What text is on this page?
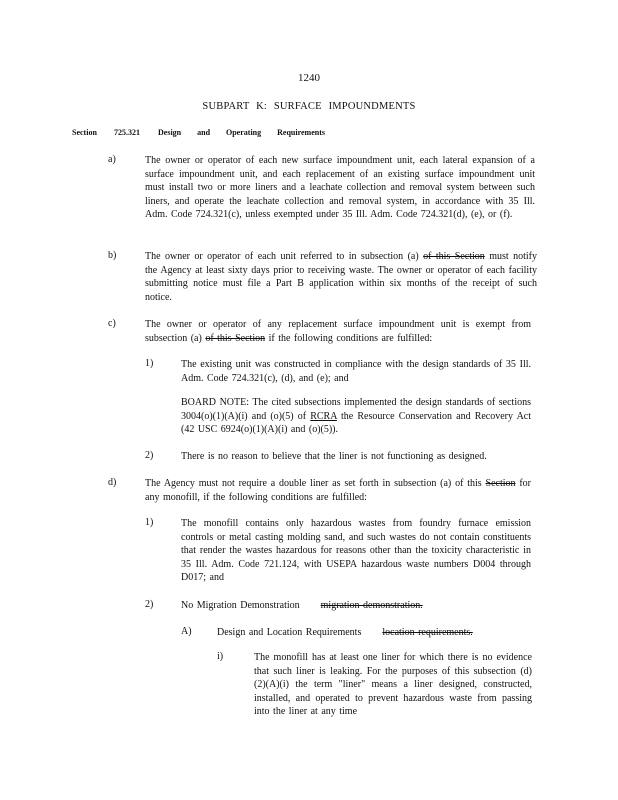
1240
SUBPART K: SURFACE IMPOUNDMENTS
Section 725.321 Design and Operating Requirements
a)	The owner or operator of each new surface impoundment unit, each lateral expansion of a surface impoundment unit, and each replacement of an existing surface impoundment unit must install two or more liners and a leachate collection and removal system between such liners, and operate the leachate collection and removal system, in accordance with 35 Ill. Adm. Code 724.321(c), unless exempted under 35 Ill. Adm. Code 724.321(d), (e), or (f).

b)	The owner or operator of each unit referred to in subsection (a) of this Section must notify the Agency at least sixty days prior to receiving waste. The owner or operator of each facility submitting notice must file a Part B application within six months of the receipt of such notice.

c)	The owner or operator of any replacement surface impoundment unit is exempt from subsection (a) of this Section if the following conditions are fulfilled:

1)	The existing unit was constructed in compliance with the design standards of 35 Ill. Adm. Code 724.321(c), (d), and (e); and

BOARD NOTE: The cited subsections implemented the design standards of sections 3004(o)(1)(A)(i) and (o)(5) of RCRA the Resource Conservation and Recovery Act (42 USC 6924(o)(1)(A)(i) and (o)(5)).

2)	There is no reason to believe that the liner is not functioning as designed.

d)	The Agency must not require a double liner as set forth in subsection (a) of this Section for any monofill, if the following conditions are fulfilled:

1)	The monofill contains only hazardous wastes from foundry furnace emission controls or metal casting molding sand, and such wastes do not contain constituents that render the wastes hazardous for reasons other than the toxicity characteristic in 35 Ill. Adm. Code 721.124, with USEPA hazardous waste numbers D004 through D017; and

2)	No Migration Demonstration migration demonstration.

A)	Design and Location Requirements location requirements.

i)	The monofill has at least one liner for which there is no evidence that such liner is leaking. For the purposes of this subsection (d)(2)(A)(i) the term "liner" means a liner designed, constructed, installed, and operated to prevent hazardous waste from passing into the liner at any time
